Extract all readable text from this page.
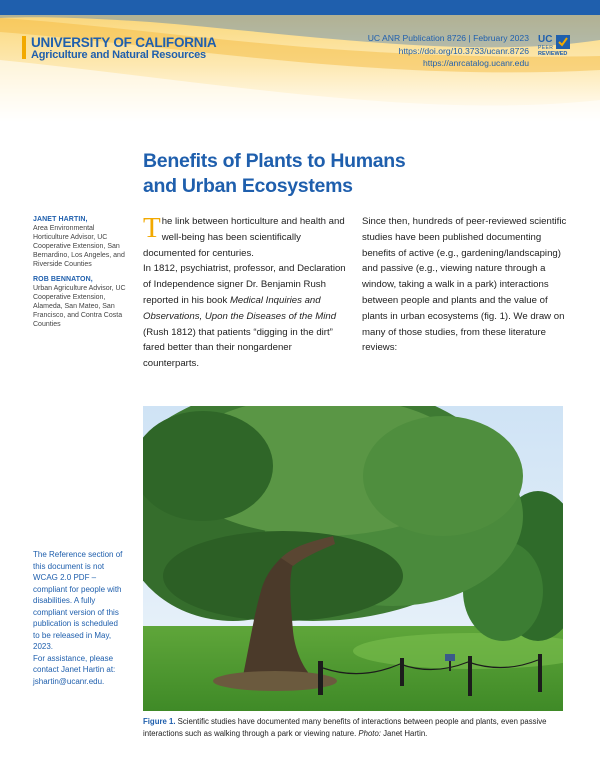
UNIVERSITY OF CALIFORNIA
Agriculture and Natural Resources
UC ANR Publication 8726 | February 2023
https://doi.org/10.3733/ucanr.8726
https://anrcatalog.ucanr.edu
UC
PEER
REVIEWED
Benefits of Plants to Humans
and Urban Ecosystems
JANET HARTIN,
Area Environmental Horticulture Advisor, UC Cooperative Extension, San Bernardino, Los Angeles, and Riverside Counties
ROB BENNATON,
Urban Agriculture Advisor, UC Cooperative Extension, Alameda, San Mateo, San Francisco, and Contra Costa Counties
The link between horticulture and health and well-being has been scientifically documented for centuries.
In 1812, psychiatrist, professor, and Declaration of Independence signer Dr. Benjamin Rush reported in his book Medical Inquiries and Observations, Upon the Diseases of the Mind (Rush 1812) that patients “digging in the dirt” fared better than their nongardener counterparts.
Since then, hundreds of peer-reviewed scientific studies have been published documenting benefits of active (e.g., gardening/landscaping) and passive (e.g., viewing nature through a window, taking a walk in a park) interactions between people and plants and the value of plants in urban ecosystems (fig. 1). We draw on many of those studies, from these literature reviews:
Figure 1. Scientific studies have documented many benefits of interactions between people and plants, even passive interactions such as walking through a park or viewing nature. Photo: Janet Hartin.
The Reference section of this document is not WCAG 2.0 PDF – compliant for people with disabilities. A fully compliant version of this publication is scheduled to be released in May, 2023.
For assistance, please contact Janet Hartin at: jshartin@ucanr.edu.
